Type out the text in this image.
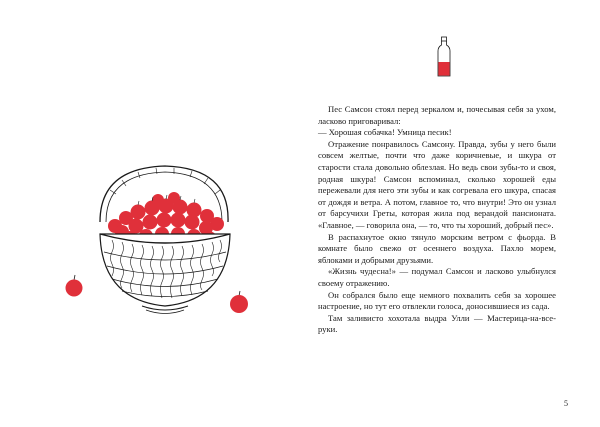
Пес Самсон стоял перед зеркалом и, почесывая себя за ухом, ласково приговаривал:

— Хорошая собачка! Умница песик!

Отражение понравилось Самсону. Правда, зубы у него были совсем желтые, почти что даже коричневые, и шкура от старости стала довольно облезлая. Но ведь свои зубы-то и своя, родная шкура! Самсон вспоминал, сколько хорошей еды пережевали для него эти зубы и как согревала его шкура, спасая от дождя и ветра. А потом, главное то, что внутри! Это он узнал от барсучихи Греты, которая жила под верандой пансионата. «Главное, — говорила она, — то, что ты хороший, добрый пес».

В распахнутое окно тянуло морским ветром с фьорда. В комнате было свежо от осеннего воздуха. Пахло морем, яблоками и добрыми друзьями.

«Жизнь чудесна!» — подумал Самсон и ласково улыбнулся своему отражению.

Он собрался было еще немного похвалить себя за хорошее настроение, но тут его отвлекли голоса, доносившиеся из сада.

Там заливисто хохотала выдра Улли — Мастерица-на-все-руки.

5
